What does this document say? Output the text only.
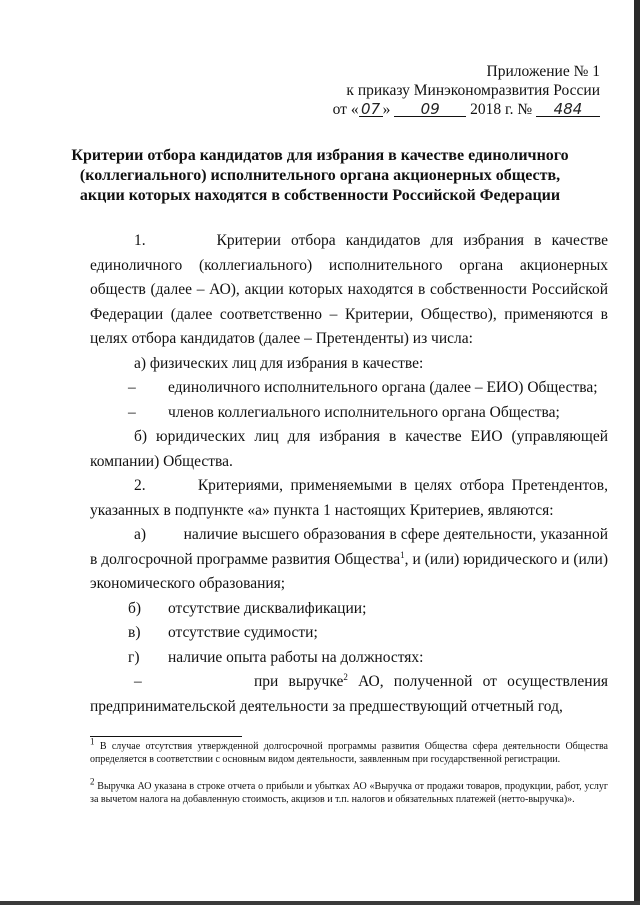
Приложение № 1
к приказу Минэкономразвития России
от « 07 » 09 2018 г. № 484
Критерии отбора кандидатов для избрания в качестве единоличного
(коллегиального) исполнительного органа акционерных обществ,
акции которых находятся в собственности Российской Федерации

1.       Критерии отбора кандидатов для избрания в качестве единоличного (коллегиального) исполнительного органа акционерных обществ (далее – АО), акции которых находятся в собственности Российской Федерации (далее соответственно – Критерии, Общество), применяются в целях отбора кандидатов (далее – Претенденты) из числа:

а) физических лиц для избрания в качестве:

– единоличного исполнительного органа (далее – ЕИО) Общества;
– членов коллегиального исполнительного органа Общества;

б) юридических лиц для избрания в качестве ЕИО (управляющей компании) Общества.

2.       Критериями, применяемыми в целях отбора Претендентов, указанных в подпункте «а» пункта 1 настоящих Критериев, являются:

а) наличие высшего образования в сфере деятельности, указанной в долгосрочной программе развития Общества$^1$, и (или) юридического и (или) экономического образования;

б) отсутствие дисквалификации;
в) отсутствие судимости;
г) наличие опыта работы на должностях:

–	при выручке$^2$ АО, полученной от осуществления предпринимательской деятельности за предшествующий отчетный год,

$^1$ В случае отсутствия утвержденной долгосрочной программы развития Общества сфера деятельности Общества определяется в соответствии с основным видом деятельности, заявленным при государственной регистрации.
$^2$ Выручка АО указана в строке отчета о прибыли и убытках АО «Выручка от продажи товаров, продукции, работ, услуг за вычетом налога на добавленную стоимость, акцизов и т.п. налогов и обязательных платежей (нетто-выручка)».
